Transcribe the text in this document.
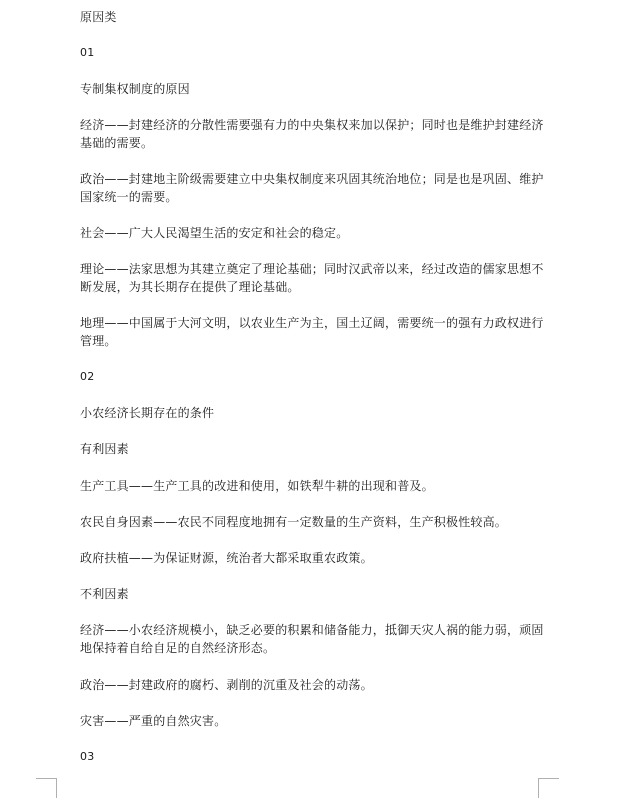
原因类

01

专制集权制度的原因

经济——封建经济的分散性需要强有力的中央集权来加以保护；同时也是维护封建经济基础的需要。

政治——封建地主阶级需要建立中央集权制度来巩固其统治地位；同是也是巩固、维护国家统一的需要。

社会——广大人民渴望生活的安定和社会的稳定。

理论——法家思想为其建立奠定了理论基础；同时汉武帝以来，经过改造的儒家思想不断发展，为其长期存在提供了理论基础。

地理——中国属于大河文明，以农业生产为主，国土辽阔，需要统一的强有力政权进行管理。

02

小农经济长期存在的条件

有利因素

生产工具——生产工具的改进和使用，如铁犁牛耕的出现和普及。

农民自身因素——农民不同程度地拥有一定数量的生产资料，生产积极性较高。

政府扶植——为保证财源，统治者大都采取重农政策。

不利因素

经济——小农经济规模小，缺乏必要的积累和储备能力，抵御天灾人祸的能力弱，顽固地保持着自给自足的自然经济形态。

政治——封建政府的腐朽、剥削的沉重及社会的动荡。

灾害——严重的自然灾害。

03
